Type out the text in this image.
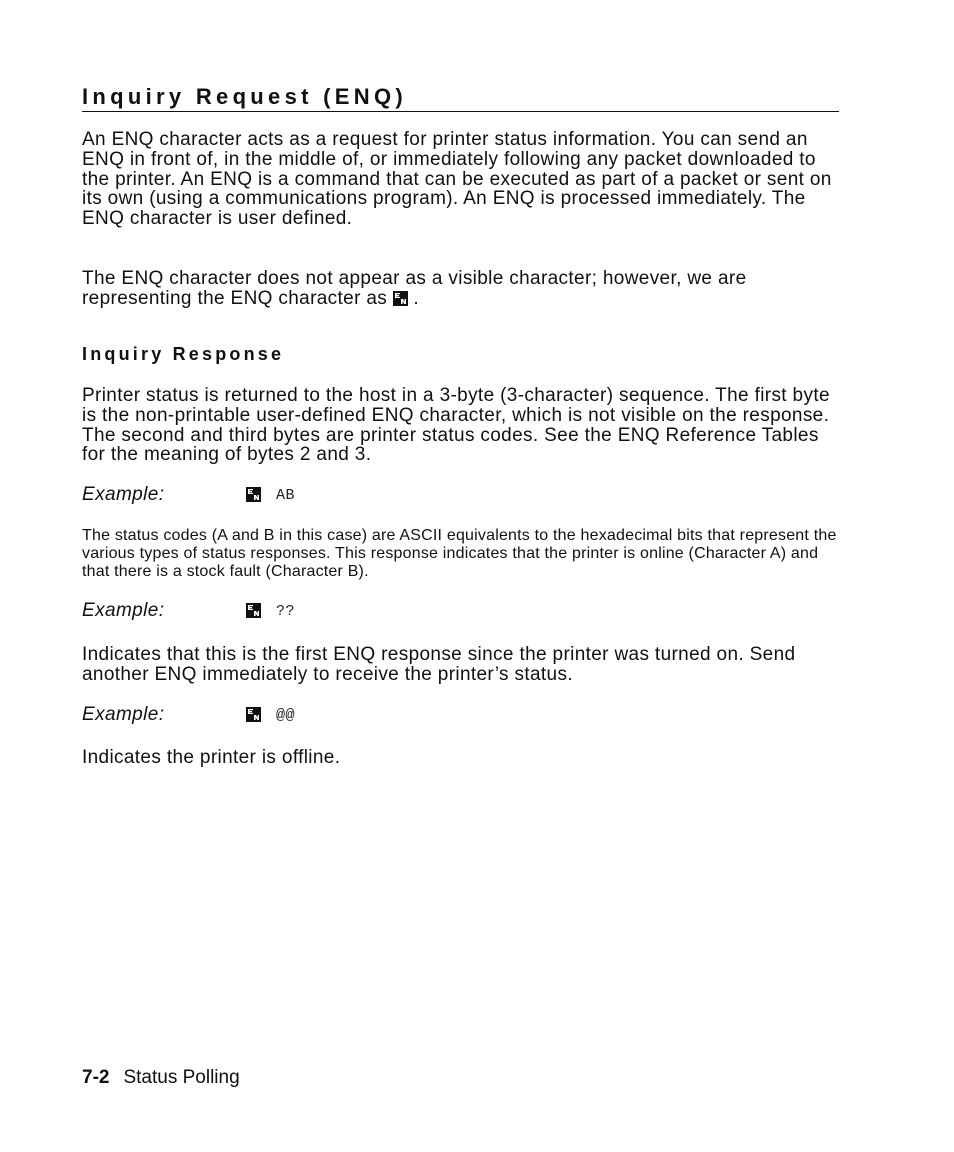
Inquiry Request (ENQ)

An ENQ character acts as a request for printer status information. You can send an ENQ in front of, in the middle of, or immediately following any packet downloaded to the printer. An ENQ is a command that can be executed as part of a packet or sent on its own (using a communications program). An ENQ is processed immediately. The ENQ character is user defined.

The ENQ character does not appear as a visible character; however, we are representing the ENQ character as .

Inquiry Response

Printer status is returned to the host in a 3-byte (3-character) sequence. The first byte is the non-printable user-defined ENQ character, which is not visible on the response. The second and third bytes are printer status codes. See the ENQ Reference Tables for the meaning of bytes 2 and 3.

Example:	AB

The status codes (A and B in this case) are ASCII equivalents to the hexadecimal bits that represent the various types of status responses. This response indicates that the printer is online (Character A) and that there is a stock fault (Character B).

Example:	??

Indicates that this is the first ENQ response since the printer was turned on. Send another ENQ immediately to receive the printer’s status.

Example:	@@

Indicates the printer is offline.

7-2 Status Polling
